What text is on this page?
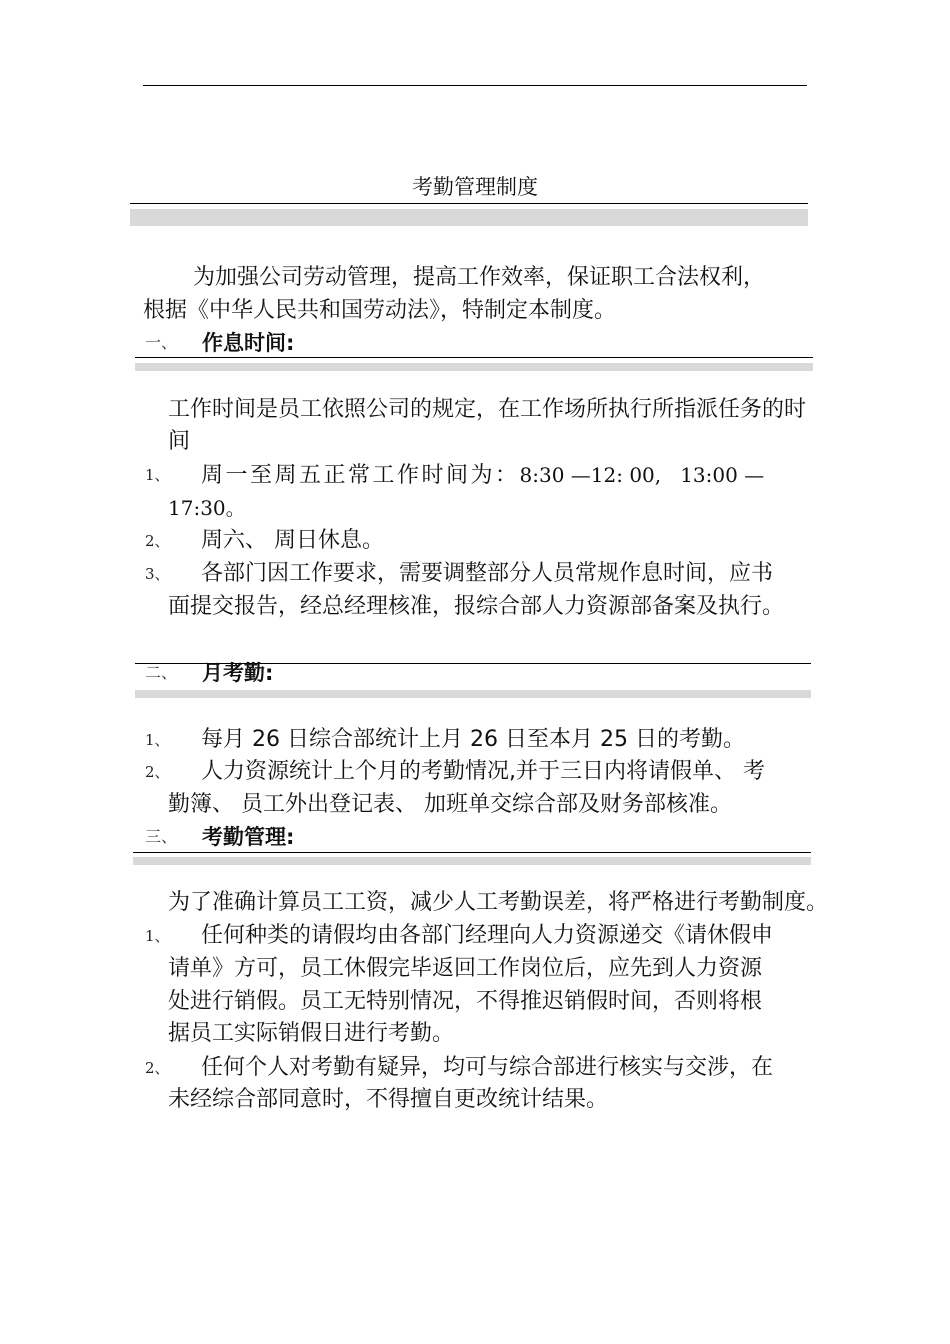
考勤管理制度
为加强公司劳动管理，提高工作效率，保证职工合法权利，
根据《中华人民共和国劳动法》，特制定本制度。
一、 作息时间:
工作时间是员工依照公司的规定，在工作场所执行所指派任务的时
间
1、 周一至周五正常工作时间为：8:30 —12: 00,   13:00 —
17:30。
2、 周六、 周日休息。
3、 各部门因工作要求，需要调整部分人员常规作息时间，应书
面提交报告，经总经理核准，报综合部人力资源部备案及执行。
二、 月考勤:
1、 每月 26 日综合部统计上月 26 日至本月 25 日的考勤。
2、 人力资源统计上个月的考勤情况,并于三日内将请假单、 考
勤簿、 员工外出登记表、 加班单交综合部及财务部核准。
三、 考勤管理:
为了准确计算员工工资，减少人工考勤误差，将严格进行考勤制度。
1、 任何种类的请假均由各部门经理向人力资源递交《请休假申
请单》方可，员工休假完毕返回工作岗位后，应先到人力资源
处进行销假。员工无特别情况，不得推迟销假时间，否则将根
据员工实际销假日进行考勤。
2、 任何个人对考勤有疑异，均可与综合部进行核实与交涉，在
未经综合部同意时，不得擅自更改统计结果。
